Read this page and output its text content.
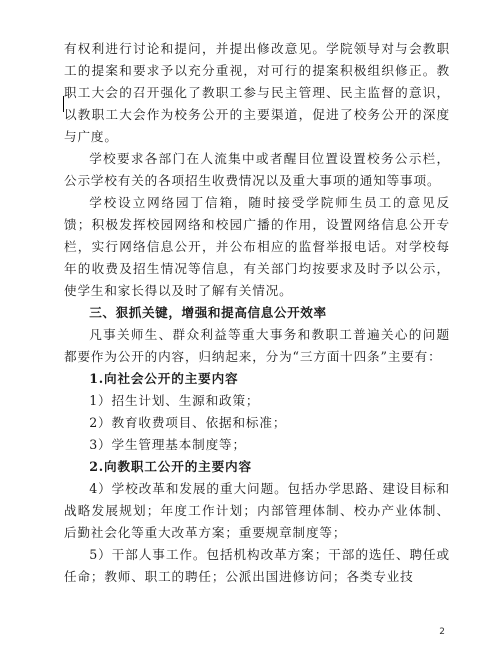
有权利进行讨论和提问，并提出修改意见。学院领导对与会教职工的提案和要求予以充分重视，对可行的提案积极组织修正。教职工大会的召开强化了教职工参与民主管理、民主监督的意识，以教职工大会作为校务公开的主要渠道，促进了校务公开的深度与广度。

学校要求各部门在人流集中或者醒目位置设置校务公示栏，公示学校有关的各项招生收费情况以及重大事项的通知等事项。

学校设立网络园丁信箱，随时接受学院师生员工的意见反馈；积极发挥校园网络和校园广播的作用，设置网络信息公开专栏，实行网络信息公开，并公布相应的监督举报电话。对学校每年的收费及招生情况等信息，有关部门均按要求及时予以公示，使学生和家长得以及时了解有关情况。

三、狠抓关键，增强和提高信息公开效率

凡事关师生、群众利益等重大事务和教职工普遍关心的问题都要作为公开的内容，归纳起来，分为“三方面十四条”主要有：

1.向社会公开的主要内容

1）招生计划、生源和政策；

2）教育收费项目、依据和标准；

3）学生管理基本制度等；

2.向教职工公开的主要内容

4）学校改革和发展的重大问题。包括办学思路、建设目标和战略发展规划；年度工作计划；内部管理体制、校办产业体制、后勤社会化等重大改革方案；重要规章制度等；

5）干部人事工作。包括机构改革方案；干部的选任、聘任或任命；教师、职工的聘任；公派出国进修访问；各类专业技

2
